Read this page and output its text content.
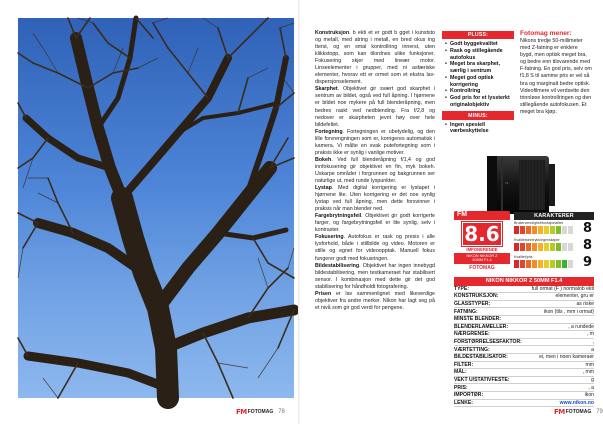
FM FOTOMAG 78

Konstruksjon. b ekti et er godt b gget i kunststo og metall, med atring i metall, en bred okus ing tterst, og en smal kontrollring innerst, uten klikkstopp, som kan tilordnes ulike funksjoner. Fokusering skjer med lineær motor. Linseelementer i grupper, med ni asfæriske elementer, hvorav ett er ormet som et ekstra lav-dispersjonselement.

Skarphet. Objektivet gir svært god skarphet i sentrum av bildet, også ved full åpning. I hjørnene er bildet noe mykere på full blenderåpning, men bedres raskt ved nedblending. Fra f/2,8 og nedover er skarpheten jevnt høy over hele bildefeltet.

Fortegning. Fortegningen er ubetydelig, og den lille forvrengningen som er, korrigeres automatisk i kamera. Vi målte en svak putefortegning som i praksis ikke er synlig i vanlige motiver.

Bokeh. Ved full blenderåpning f/1,4 og god innfokusering gir objektivet en fin, myk bokeh. Uskarpe områder i forgrunnen og bakgrunnen ser naturlige ut, med runde lyspunkter.

Lystap. Med digital korrigering er lystapet i hjørnene lite. Uten korrigering er det noe synlig lystap ved full åpning, men dette forsvinner i praksis når man blender ned.

Fargebrytningsfeil. Objektivet gir godt korrigerte farger, og fargebrytningsfeil er lite synlig, selv i kontraster.

Fokusering. Autofokus er rask og presis i alle lysforhold, både i stillbilde og video. Motoren er stille og egnet for videoopptak. Manuell fokus fungerer godt med fokusringen.

Bildestabilisering. Objektivet har ingen innebygd bildestabilisering, men testkameraet har stabilisert sensor. I kombinasjon med dette gir det god stabilisering for håndholdt fotografering.

Prisen er lav sammenlignet med likeverdige objektiver fra andre merker. Nikon har lagt seg på et nivå som gir god verdi for pengene.

PLUSS:
• Godt byggekvalitet
• Rask og stillegående autofokus
• Meget bra skarphet, særlig i sentrum
• Meget god optisk korrigering
• Kontrollring
• God pris for et lyssterkt originalobjektiv
MINUS:
• Ingen spesiell værbeskyttelse
Fotomag mener:
Nikons tredje 50-millimeter med Z-fatning er enklere bygd, men optisk meget bra, og bedre enn tilsvarende med F-fatning. En god pris, selv om f1,8 S til samme pris er vel så bra og marginalt bedre optisk. Videofilmere vil verdsette den trinnløse kontrollringen og den stillegående autofokusen. Et meget bra kjøp.
Z
FM
8.6
IMPONERENDE
NIKON NIKKOR Z
50MM F1.4
FOTOMAG
KARAKTERER
Brukervennlighet/funksjonalitet 8
Kvalitetsinntrykk/egenskaper 8
Kvalitet/pris	9
NIKON NIKKOR Z 50MM F1.4
TYPE:	full ormat (F ) normalob ekti
KONSTRUKSJON:	elementer, gru er
GLASSTYPER:	as riske
FATNING:	ikon (tils , mm i ormat)
MINSTE BLENDER:
BLENDERLAMELLER:	, a rundede
NÆRGRENSE:	, m
FORSTØRRELSESFAKTOR:	,
VÆRTETTING:	a
BILDESTABILISATOR:	ei, men i noen kameraer
FILTER:	mm
MÅL:	, mm
VEKT U/STATIVFESTE:	g
PRIS:	, a
IMPORTØR:	ikon
LENKE:	www.nikon.no
FM FOTOMAG 79
